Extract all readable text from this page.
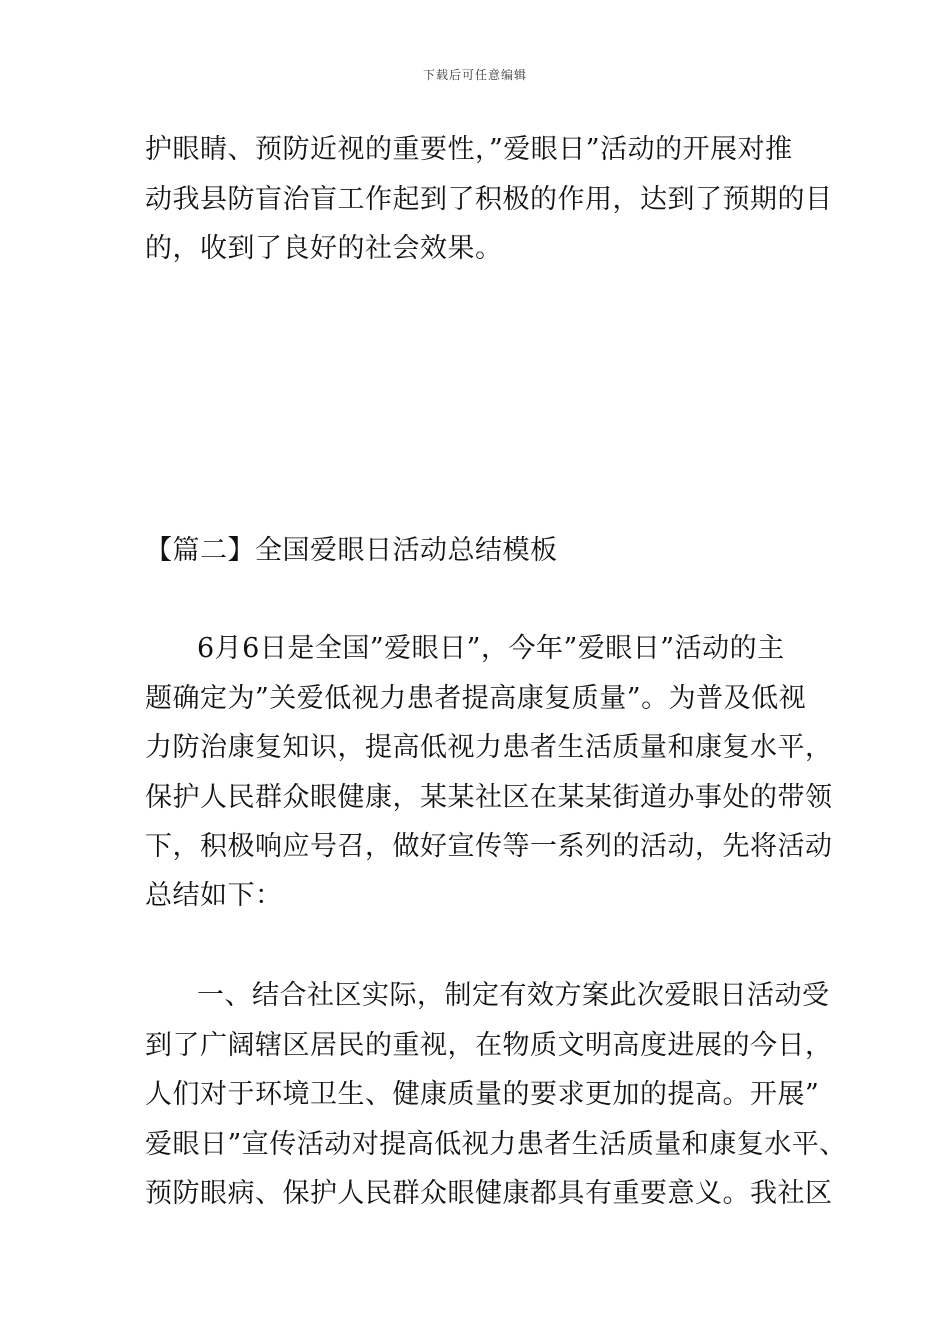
下载后可任意编辑
护眼睛、预防近视的重要性，”爱眼日”活动的开展对推
动我县防盲治盲工作起到了积极的作用，达到了预期的目
的，收到了良好的社会效果。
【篇二】全国爱眼日活动总结模板
6月6日是全国”爱眼日”，今年”爱眼日”活动的主
题确定为”关爱低视力患者提高康复质量”。为普及低视
力防治康复知识，提高低视力患者生活质量和康复水平，
保护人民群众眼健康，某某社区在某某街道办事处的带领
下，积极响应号召，做好宣传等一系列的活动，先将活动
总结如下：
一、结合社区实际，制定有效方案此次爱眼日活动受
到了广阔辖区居民的重视，在物质文明高度进展的今日，
人们对于环境卫生、健康质量的要求更加的提高。开展”
爱眼日”宣传活动对提高低视力患者生活质量和康复水平、
预防眼病、保护人民群众眼健康都具有重要意义。我社区
